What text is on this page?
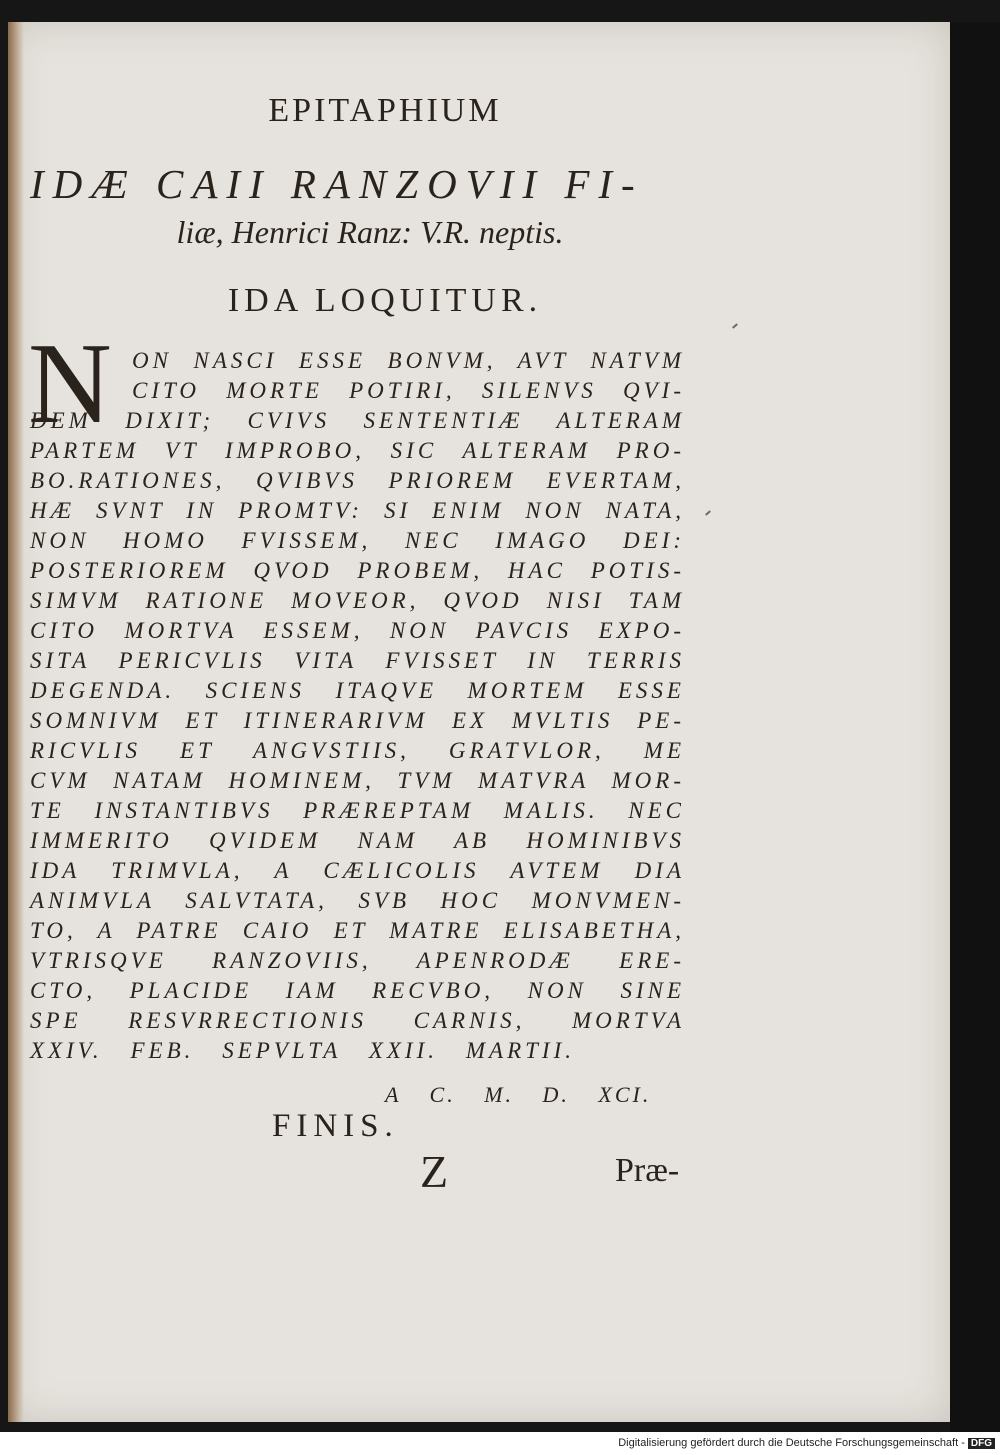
EPITAPHIUM
IDÆ CAII RANZOVII FI-
liæ, Henrici Ranz: V.R. neptis.
IDA LOQUITUR.
N ON NASCI ESSE BONVM, AVT NATVM
CITO MORTE POTIRI, SILENVS QVI-
DEM DIXIT; CVIVS SENTENTIÆ ALTERAM
PARTEM VT IMPROBO, SIC ALTERAM PRO-
BO.RATIONES, QVIBVS PRIOREM EVERTAM,
HÆ SVNT IN PROMTV: SI ENIM NON NATA,
NON HOMO FVISSEM, NEC IMAGO DEI:
POSTERIOREM QVOD PROBEM, HAC POTIS-
SIMVM RATIONE MOVEOR, QVOD NISI TAM
CITO MORTVA ESSEM, NON PAVCIS EXPO-
SITA PERICVLIS VITA FVISSET IN TERRIS
DEGENDA. SCIENS ITAQVE MORTEM ESSE
SOMNIVM ET ITINERARIVM EX MVLTIS PE-
RICVLIS ET ANGVSTIIS, GRATVLOR, ME
CVM NATAM HOMINEM, TVM MATVRA MOR-
TE INSTANTIBVS PRÆREPTAM MALIS. NEC
IMMERITO QVIDEM NAM AB HOMINIBVS
IDA TRIMVLA, A CÆLICOLIS AVTEM DIA
ANIMVLA SALVTATA, SVB HOC MONVMEN-
TO, A PATRE CAIO ET MATRE ELISABETHA,
VTRISQVE RANZOVIIS, APENRODÆ ERE-
CTO, PLACIDE IAM RECVBO, NON SINE
SPE RESVRRECTIONIS CARNIS, MORTVA
XXIV. FEB. SEPVLTA XXII. MARTII.
A C. M. D. XCI.
FINIS.
Z	Præ-
Digitalisierung gefördert durch die Deutsche Forschungsgemeinschaft - DFG
